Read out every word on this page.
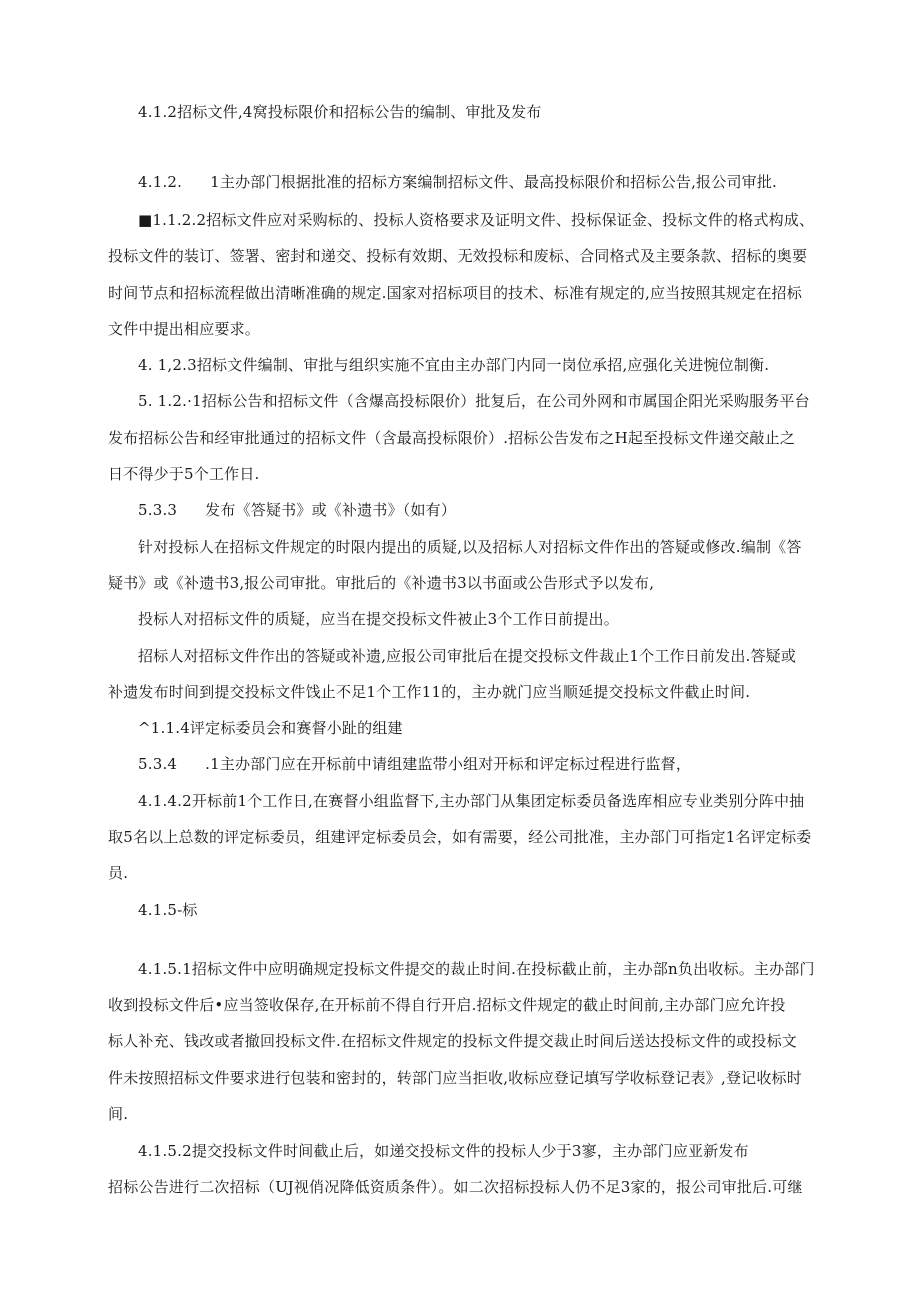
4.1.2招标文件,4窝投标限价和招标公告的编制、审批及发布
4.1.2. 1主办部门根据批准的招标方案编制招标文件、最高投标限价和招标公告,报公司审批.
■1.1.2.2招标文件应对采购标的、投标人资格要求及证明文件、投标保证金、投标文件的格式构成、
投标文件的装订、签署、密封和递交、投标有效期、无效投标和废标、合同格式及主要条款、招标的奥要
时间节点和招标流程做出清晰准确的规定.国家对招标项目的技术、标准有规定的,应当按照其规定在招标
文件中提出相应要求。
4. 1,2.3招标文件编制、审批与组织实施不宜由主办部门内同一岗位承招,应强化关进惋位制衡.
5. 1.2.·1招标公告和招标文件（含爆高投标限价）批复后，在公司外网和市属国企阳光采购服务平台
发布招标公告和经审批通过的招标文件（含最高投标限价）.招标公告发布之H起至投标文件递交敲止之
日不得少于5个工作日.
5.3.3 发布《答疑书》或《补遗书》（如有）
针对投标人在招标文件规定的时限内提出的质疑,以及招标人对招标文件作出的答疑或修改.编制《答
疑书》或《补遗书3,报公司审批。审批后的《补遗书3以书面或公告形式予以发布,
投标人对招标文件的质疑，应当在提交投标文件被止3个工作日前提出。
招标人对招标文件作出的答疑或补遗,应报公司审批后在提交投标文件裁止1个工作日前发出.答疑或
补遗发布时间到提交投标文件饯止不足1个工作11的，主办就门应当顺延提交投标文件截止时间.
^1.1.4评定标委员会和赛督小趾的组建
5.3.4 .1主办部门应在开标前中请组建监带小组对开标和评定标过程进行监督，
4.1.4.2开标前1个工作日,在赛督小组监督下,主办部门从集团定标委员备选库相应专业类别分阵中抽
取5名以上总数的评定标委员，组建评定标委员会，如有需要，经公司批准，主办部门可指定1名评定标委
员.
4.1.5-标
4.1.5.1招标文件中应明确规定投标文件提交的裁止时间.在投标截止前，主办部n负出收标。主办部门
收到投标文件后•应当签收保存,在开标前不得自行开启.招标文件规定的截止时间前,主办部门应允许投
标人补充、钱改或者撤回投标文件.在招标文件规定的投标文件提交裁止时间后送达投标文件的或投标文
件未按照招标文件要求进行包装和密封的，转部门应当拒收,收标应登记填写学收标登记表》,登记收标时
间.
4.1.5.2提交投标文件时间截止后，如递交投标文件的投标人少于3寥，主办部门应亚新发布
招标公告进行二次招标（UJ视俏况降低资质条件）。如二次招标投标人仍不足3家的，报公司审批后.可继
